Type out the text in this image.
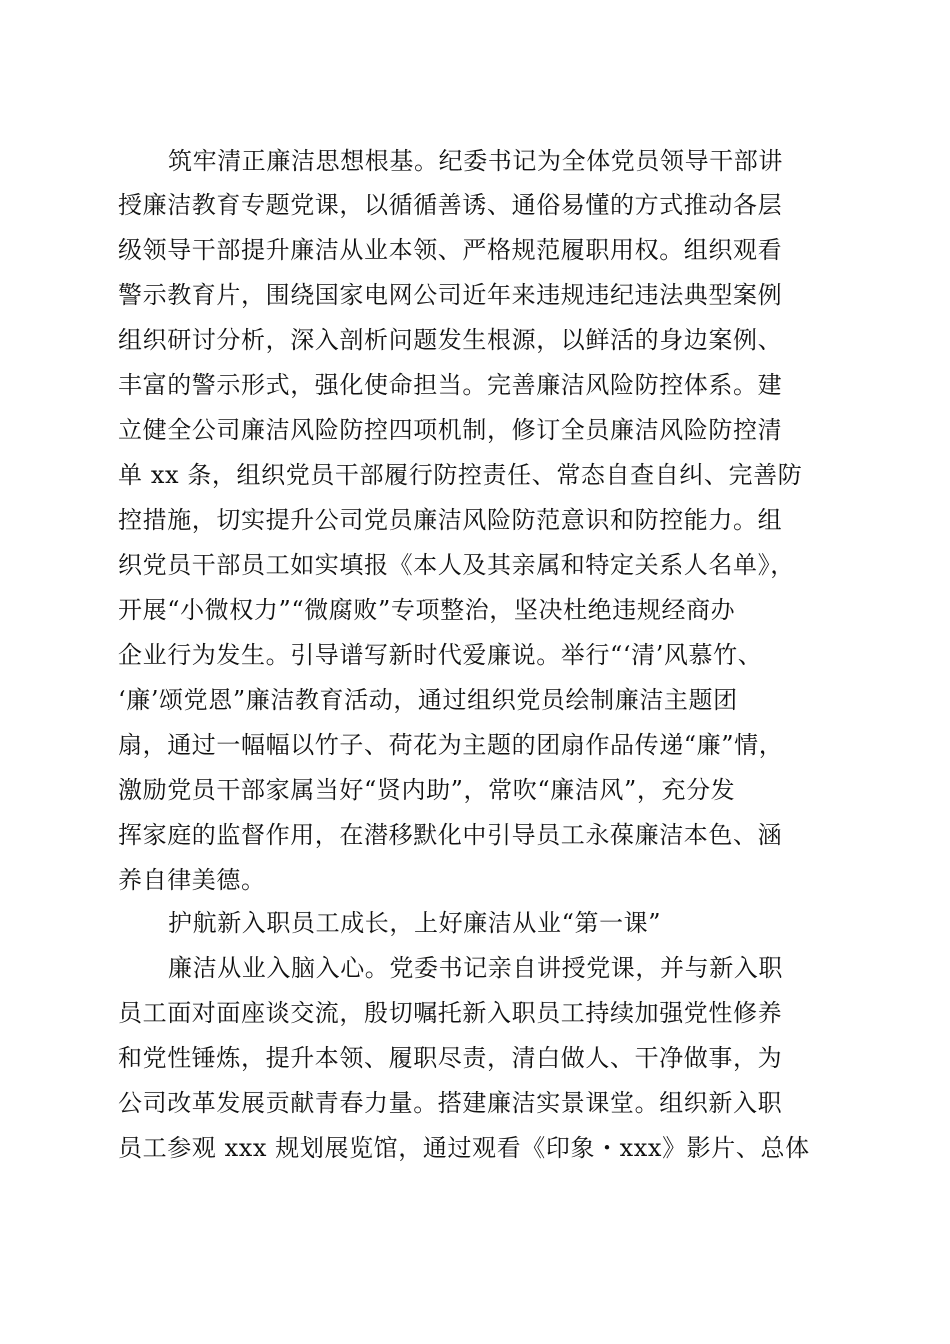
筑牢清正廉洁思想根基。纪委书记为全体党员领导干部讲
授廉洁教育专题党课，以循循善诱、通俗易懂的方式推动各层
级领导干部提升廉洁从业本领、严格规范履职用权。组织观看
警示教育片，围绕国家电网公司近年来违规违纪违法典型案例
组织研讨分析，深入剖析问题发生根源，以鲜活的身边案例、
丰富的警示形式，强化使命担当。完善廉洁风险防控体系。建
立健全公司廉洁风险防控四项机制，修订全员廉洁风险防控清
单 xx 条，组织党员干部履行防控责任、常态自查自纠、完善防
控措施，切实提升公司党员廉洁风险防范意识和防控能力。组
织党员干部员工如实填报《本人及其亲属和特定关系人名单》，
开展“小微权力”“微腐败”专项整治，坚决杜绝违规经商办
企业行为发生。引导谱写新时代爱廉说。举行“‘清’风慕竹、
‘廉’颂党恩”廉洁教育活动，通过组织党员绘制廉洁主题团
扇，通过一幅幅以竹子、荷花为主题的团扇作品传递“廉”情，
激励党员干部家属当好“贤内助”，常吹“廉洁风”，充分发
挥家庭的监督作用，在潜移默化中引导员工永葆廉洁本色、涵
养自律美德。
护航新入职员工成长，上好廉洁从业“第一课”
廉洁从业入脑入心。党委书记亲自讲授党课，并与新入职
员工面对面座谈交流，殷切嘱托新入职员工持续加强党性修养
和党性锤炼，提升本领、履职尽责，清白做人、干净做事，为
公司改革发展贡献青春力量。搭建廉洁实景课堂。组织新入职
员工参观 xxx 规划展览馆，通过观看《印象・xxx》影片、总体
